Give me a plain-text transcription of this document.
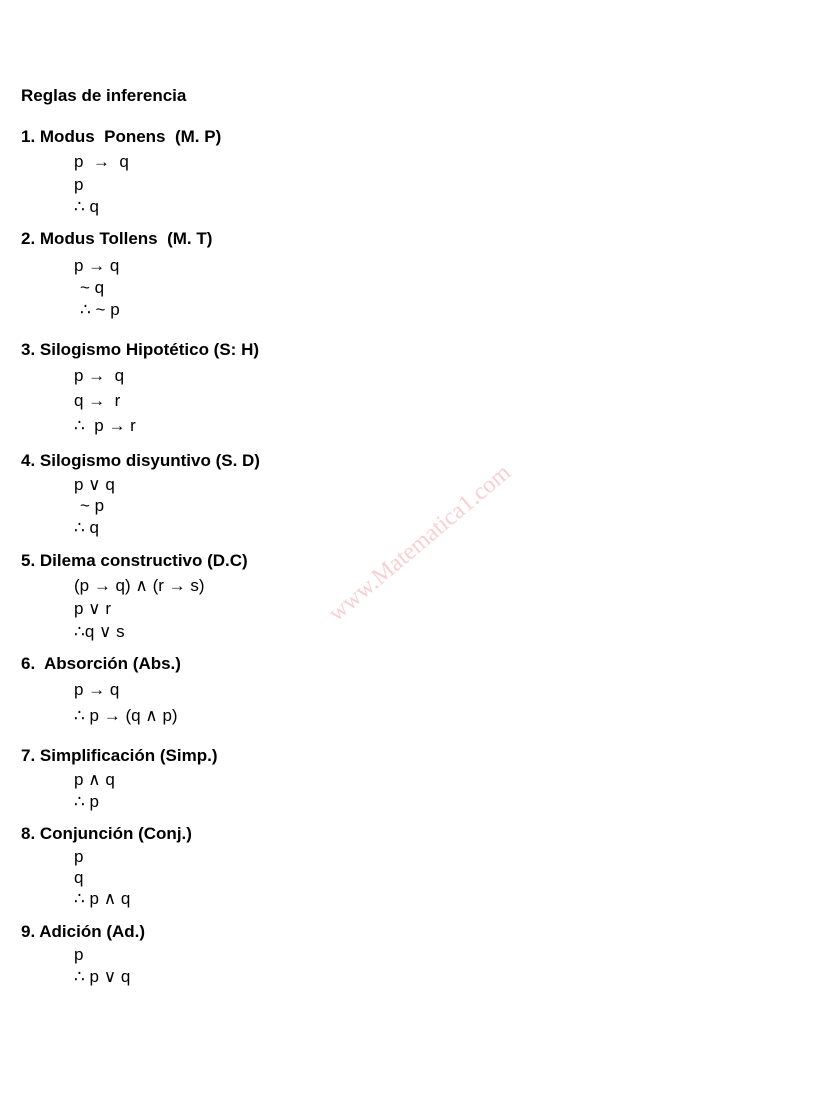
Reglas de inferencia
1. Modus  Ponens  (M. P)
p  →  q
p
∴ q
2. Modus Tollens  (M. T)
p → q
~ q
∴ ~ p
3. Silogismo Hipotético (S: H)
p →  q
q →  r
∴  p → r
4. Silogismo disyuntivo (S. D)
p ∨ q
~ p
∴ q
5. Dilema constructivo (D.C)
(p → q) ∧ (r → s)
p ∨ r
∴q ∨ s
6.  Absorción (Abs.)
p → q
∴ p → (q ∧ p)
7. Simplificación (Simp.)
p ∧ q
∴ p
8. Conjunción (Conj.)
p
q
∴ p ∧ q
9. Adición (Ad.)
p
∴ p ∨ q
www.Matematica1.com
